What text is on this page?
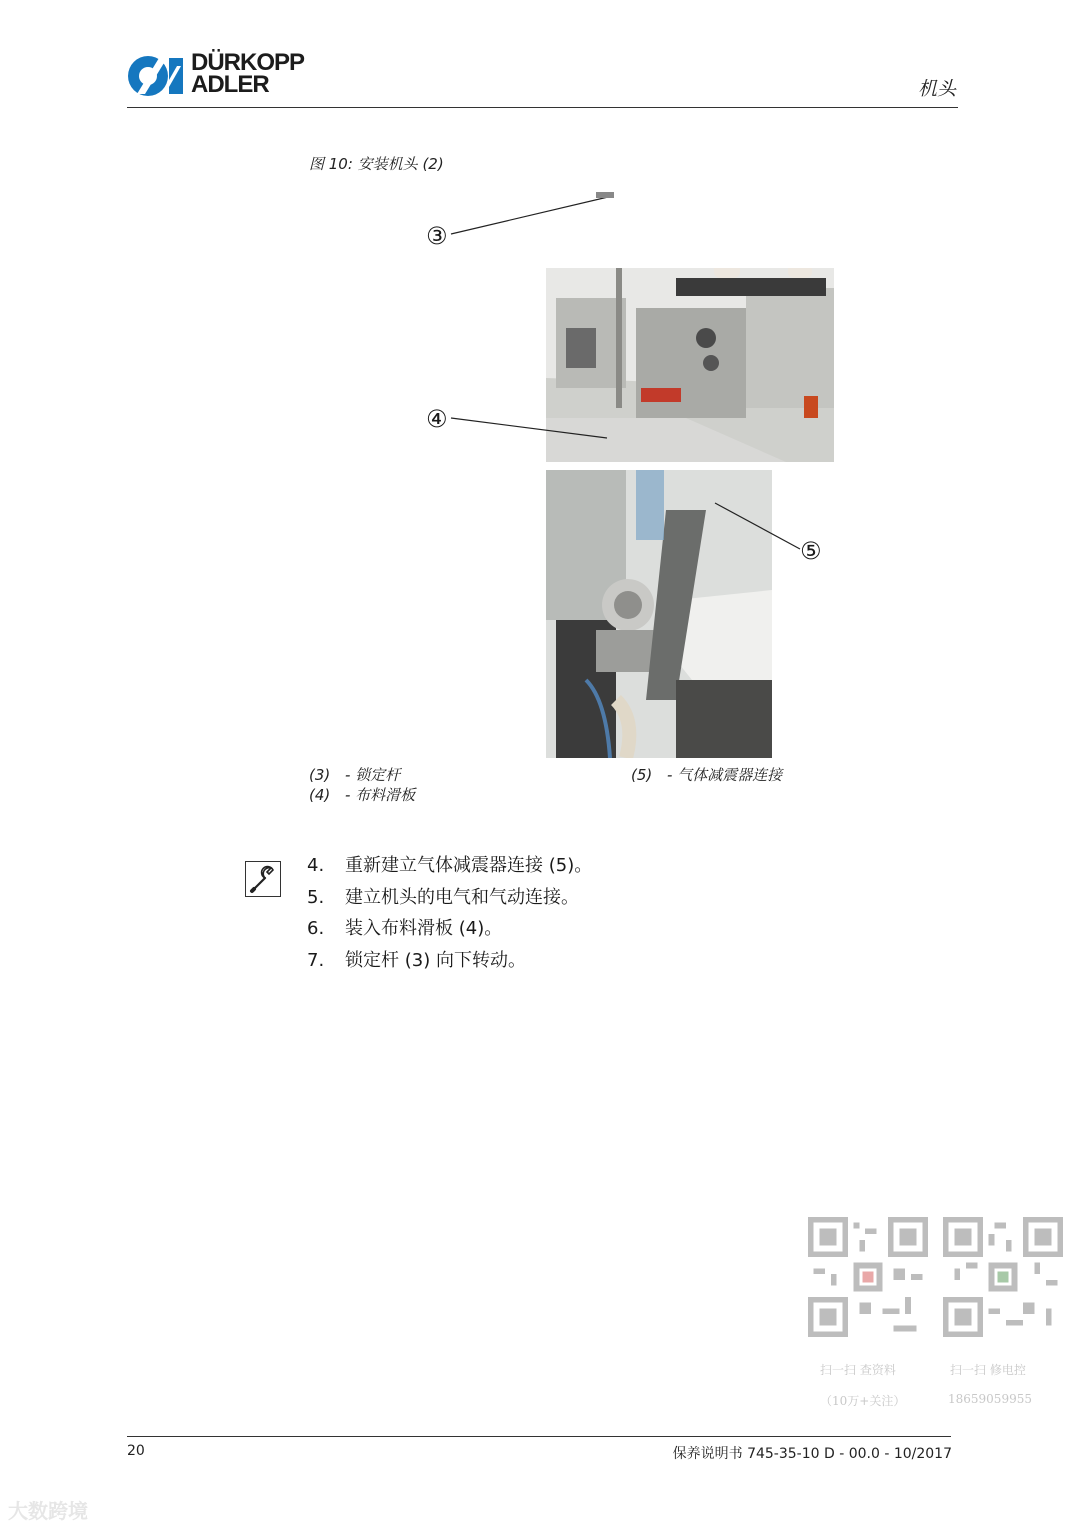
DÜRKOPP
ADLER	机头
图 10: 安装机头 (2)
③
④
⑤
(3) - 锁定杆
(4) - 布料滑板
(5) - 气体减震器连接
4. 重新建立气体减震器连接 (5)。
5. 建立机头的电气和气动连接。
6. 装入布料滑板 (4)。
7. 锁定杆 (3) 向下转动。
扫一扫 查资料
（10万+关注）
扫一扫 修电控
18659059955
20	保养说明书 745-35-10 D - 00.0 - 10/2017
大数跨境
